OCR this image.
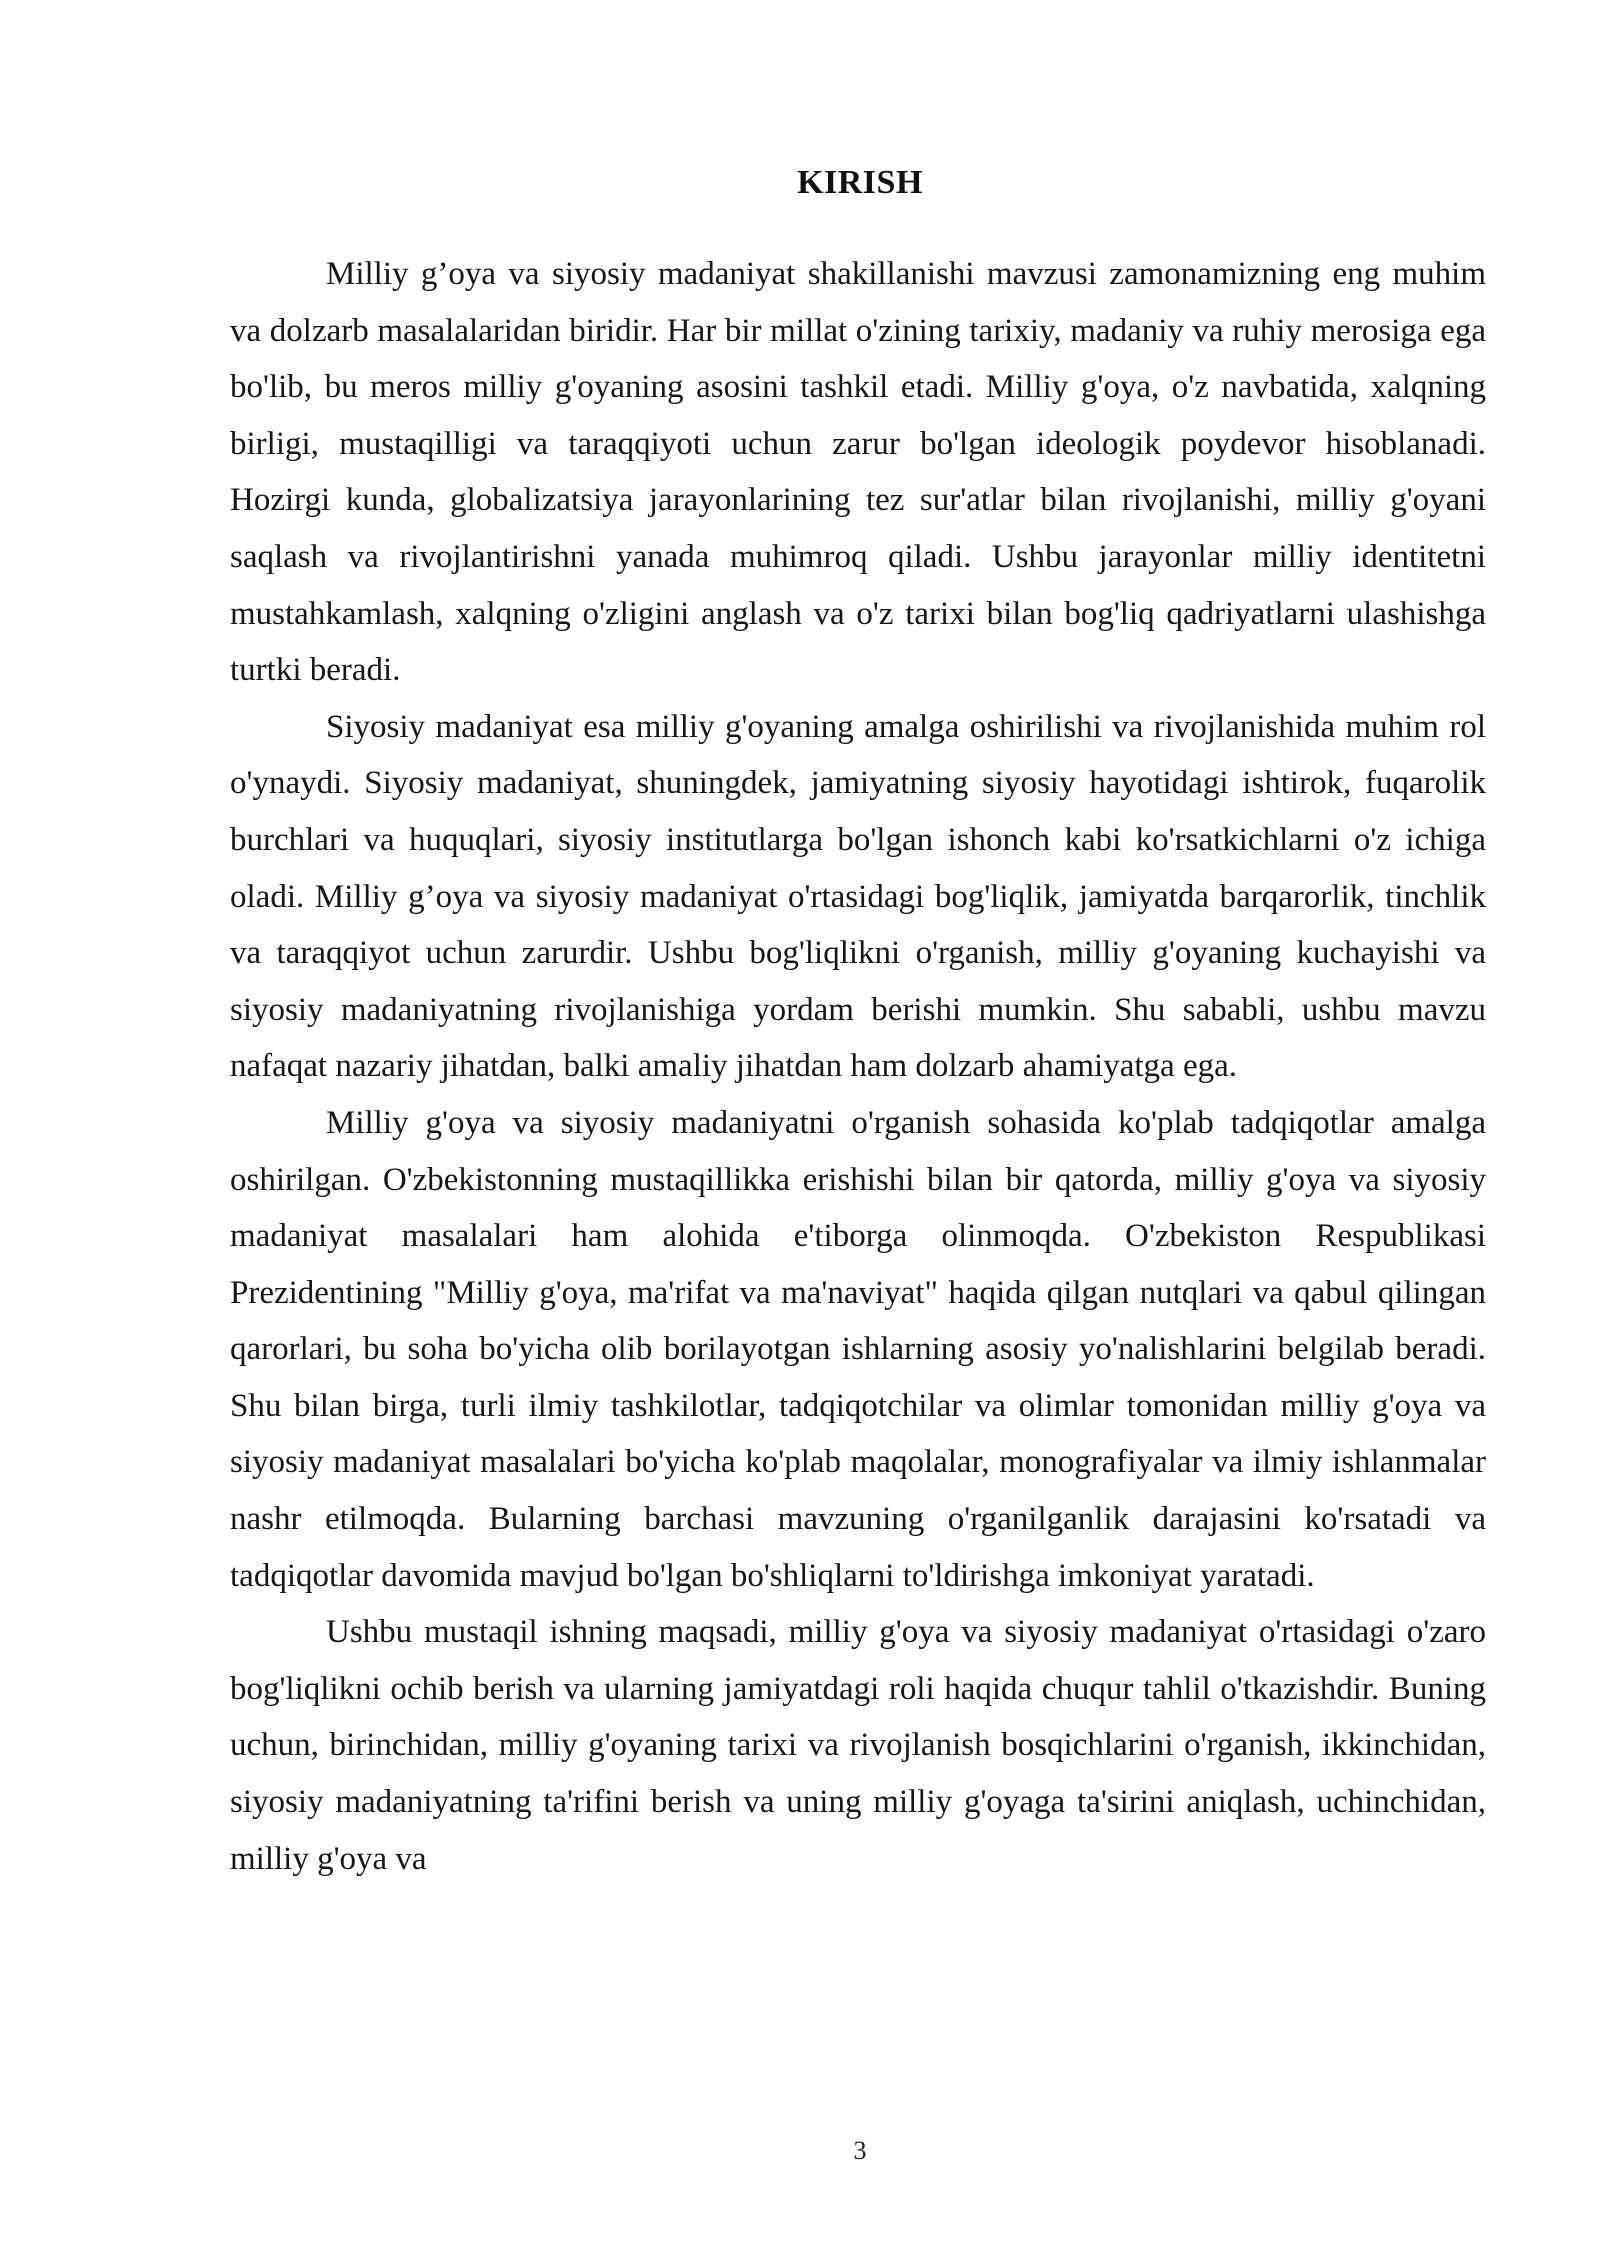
KIRISH

Milliy g’oya va siyosiy madaniyat shakillanishi mavzusi zamonamizning eng muhim va dolzarb masalalaridan biridir. Har bir millat o'zining tarixiy, madaniy va ruhiy merosiga ega bo'lib, bu meros milliy g'oyaning asosini tashkil etadi. Milliy g'oya, o'z navbatida, xalqning birligi, mustaqilligi va taraqqiyoti uchun zarur bo'lgan ideologik poydevor hisoblanadi. Hozirgi kunda, globalizatsiya jarayonlarining tez sur'atlar bilan rivojlanishi, milliy g'oyani saqlash va rivojlantirishni yanada muhimroq qiladi. Ushbu jarayonlar milliy identitetni mustahkamlash, xalqning o'zligini anglash va o'z tarixi bilan bog'liq qadriyatlarni ulashishga turtki beradi.

Siyosiy madaniyat esa milliy g'oyaning amalga oshirilishi va rivojlanishida muhim rol o'ynaydi. Siyosiy madaniyat, shuningdek, jamiyatning siyosiy hayotidagi ishtirok, fuqarolik burchlari va huquqlari, siyosiy institutlarga bo'lgan ishonch kabi ko'rsatkichlarni o'z ichiga oladi. Milliy g’oya va siyosiy madaniyat o'rtasidagi bog'liqlik, jamiyatda barqarorlik, tinchlik va taraqqiyot uchun zarurdir. Ushbu bog'liqlikni o'rganish, milliy g'oyaning kuchayishi va siyosiy madaniyatning rivojlanishiga yordam berishi mumkin. Shu sababli, ushbu mavzu nafaqat nazariy jihatdan, balki amaliy jihatdan ham dolzarb ahamiyatga ega.

Milliy g'oya va siyosiy madaniyatni o'rganish sohasida ko'plab tadqiqotlar amalga oshirilgan. O'zbekistonning mustaqillikka erishishi bilan bir qatorda, milliy g'oya va siyosiy madaniyat masalalari ham alohida e'tiborga olinmoqda. O'zbekiston Respublikasi Prezidentining "Milliy g'oya, ma'rifat va ma'naviyat" haqida qilgan nutqlari va qabul qilingan qarorlari, bu soha bo'yicha olib borilayotgan ishlarning asosiy yo'nalishlarini belgilab beradi. Shu bilan birga, turli ilmiy tashkilotlar, tadqiqotchilar va olimlar tomonidan milliy g'oya va siyosiy madaniyat masalalari bo'yicha ko'plab maqolalar, monografiyalar va ilmiy ishlanmalar nashr etilmoqda. Bularning barchasi mavzuning o'rganilganlik darajasini ko'rsatadi va tadqiqotlar davomida mavjud bo'lgan bo'shliqlarni to'ldirishga imkoniyat yaratadi.

Ushbu mustaqil ishning maqsadi, milliy g'oya va siyosiy madaniyat o'rtasidagi o'zaro bog'liqlikni ochib berish va ularning jamiyatdagi roli haqida chuqur tahlil o'tkazishdir. Buning uchun, birinchidan, milliy g'oyaning tarixi va rivojlanish bosqichlarini o'rganish, ikkinchidan, siyosiy madaniyatning ta'rifini berish va uning milliy g'oyaga ta'sirini aniqlash, uchinchidan, milliy g'oya va

3
